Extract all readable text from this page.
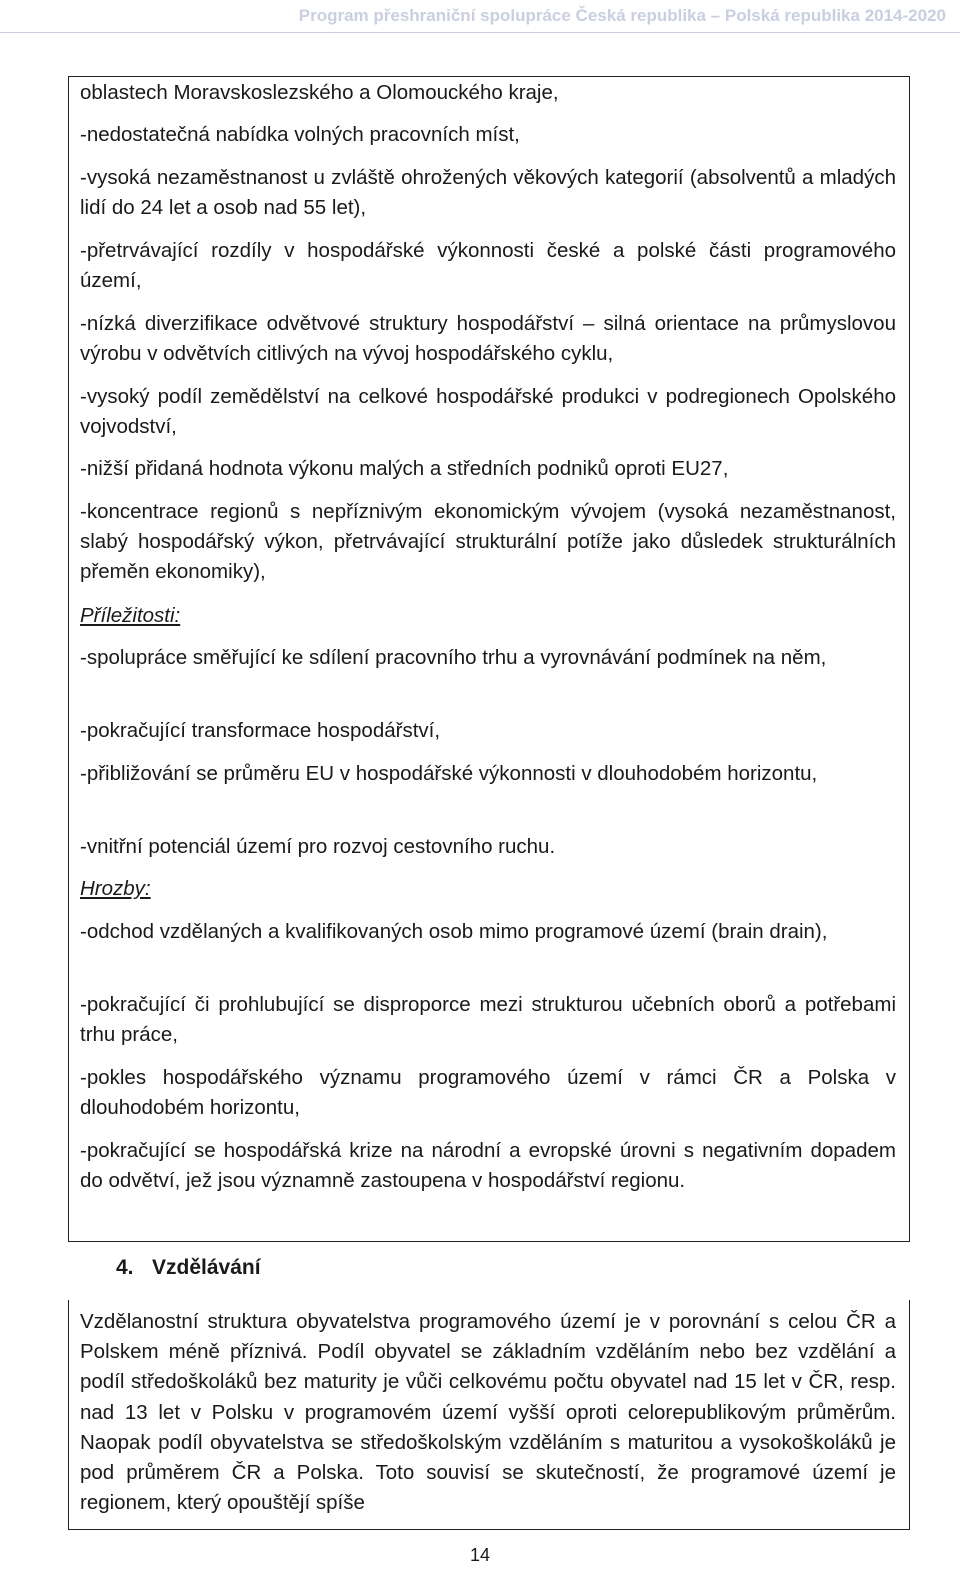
Program přeshraniční spolupráce Česká republika – Polská republika 2014-2020

oblastech Moravskoslezského a Olomouckého kraje,

-nedostatečná nabídka volných pracovních míst,

-vysoká nezaměstnanost u zvláště ohrožených věkových kategorií (absolventů a mladých lidí do 24 let a osob nad 55 let),

-přetrvávající rozdíly v hospodářské výkonnosti české a polské části programového území,

-nízká diverzifikace odvětvové struktury hospodářství – silná orientace na průmyslovou výrobu v odvětvích citlivých na vývoj hospodářského cyklu,

-vysoký podíl zemědělství na celkové hospodářské produkci v podregionech Opolského vojvodství,

-nižší přidaná hodnota výkonu malých a středních podniků oproti EU27,

-koncentrace regionů s nepříznivým ekonomickým vývojem (vysoká nezaměstnanost, slabý hospodářský výkon, přetrvávající strukturální potíže jako důsledek strukturálních přeměn ekonomiky),

Příležitosti:

-spolupráce směřující ke sdílení pracovního trhu a vyrovnávání podmínek na něm,

-pokračující transformace hospodářství,

-přibližování se průměru EU v hospodářské výkonnosti v dlouhodobém horizontu,

-vnitřní potenciál území pro rozvoj cestovního ruchu.

Hrozby:

-odchod vzdělaných a kvalifikovaných osob mimo programové území (brain drain),

-pokračující či prohlubující se disproporce mezi strukturou učebních oborů a potřebami trhu práce,

-pokles hospodářského významu programového území v rámci ČR a Polska v dlouhodobém horizontu,

-pokračující se hospodářská krize na národní a evropské úrovni s negativním dopadem do odvětví, jež jsou významně zastoupena v hospodářství regionu.

4. Vzdělávání

Vzdělanostní struktura obyvatelstva programového území je v porovnání s celou ČR a Polskem méně příznivá. Podíl obyvatel se základním vzděláním nebo bez vzdělání a podíl středoškoláků bez maturity je vůči celkovému počtu obyvatel nad 15 let v ČR, resp. nad 13 let v Polsku v programovém území vyšší oproti celorepublikovým průměrům. Naopak podíl obyvatelstva se středoškolským vzděláním s maturitou a vysokoškoláků je pod průměrem ČR a Polska. Toto souvisí se skutečností, že programové území je regionem, který opouštějí spíše

14
